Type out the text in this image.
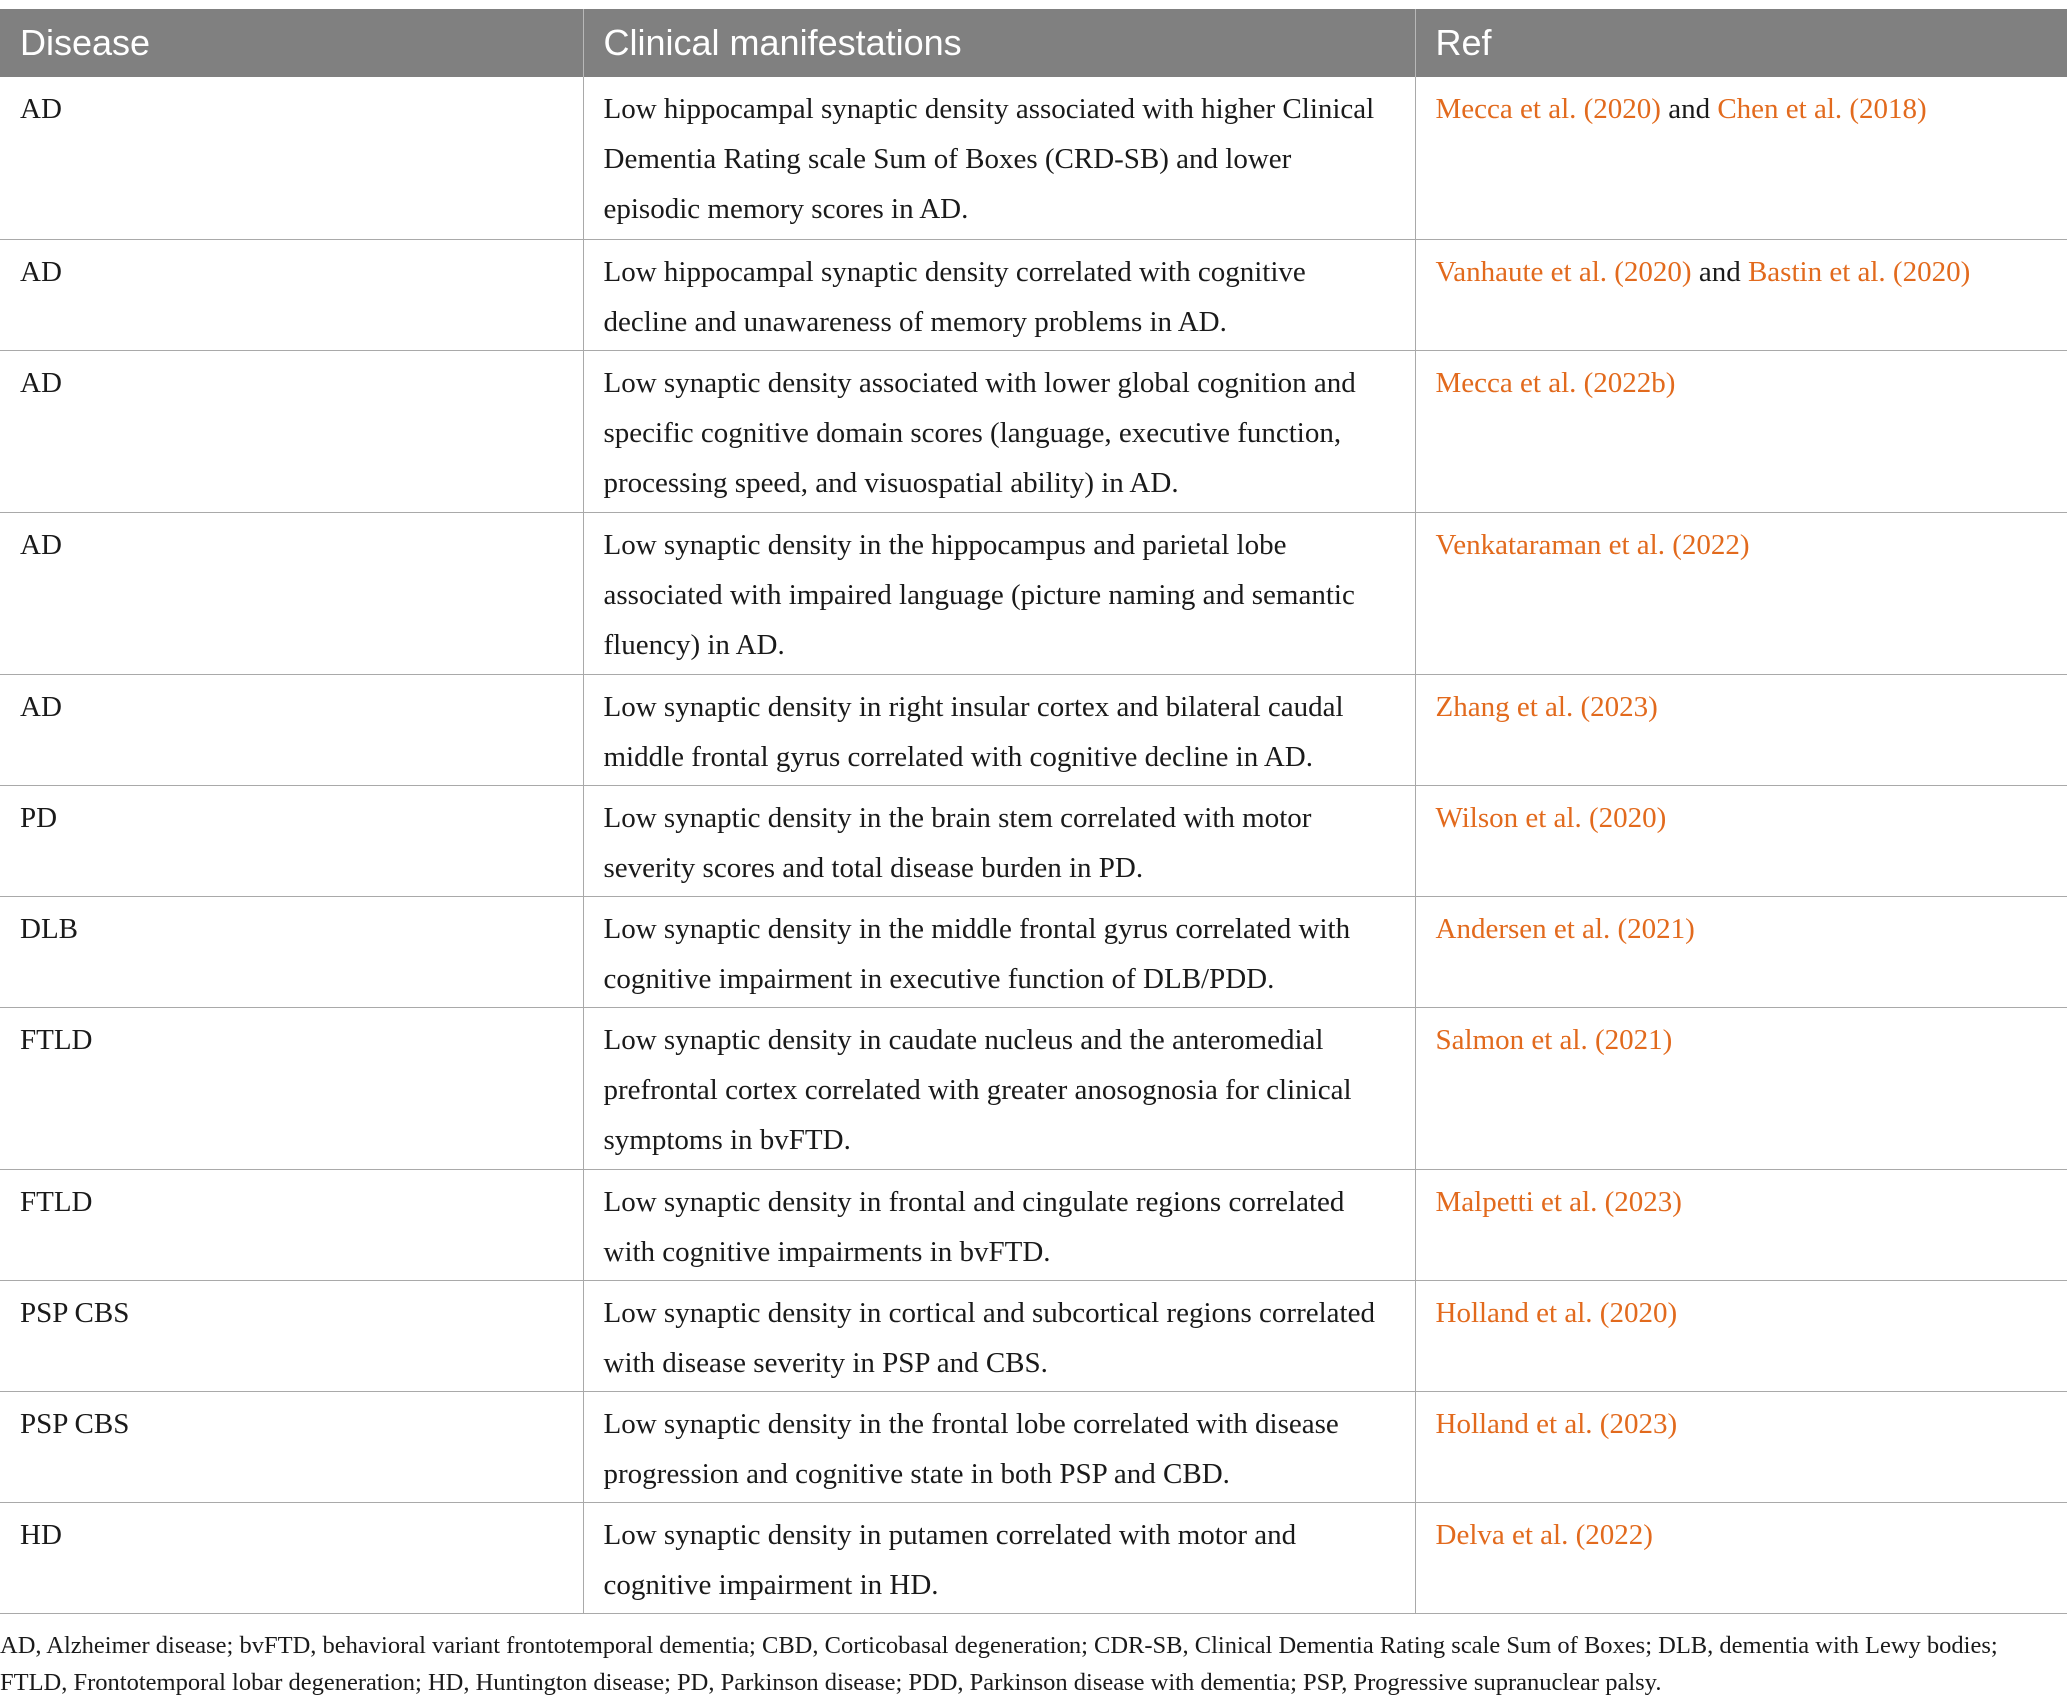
Disease	Clinical manifestations	Ref
AD	Low hippocampal synaptic density associated with higher Clinical Dementia Rating scale Sum of Boxes (CRD-SB) and lower episodic memory scores in AD.	Mecca et al. (2020) and Chen et al. (2018)
AD	Low hippocampal synaptic density correlated with cognitive decline and unawareness of memory problems in AD.	Vanhaute et al. (2020) and Bastin et al. (2020)
AD	Low synaptic density associated with lower global cognition and specific cognitive domain scores (language, executive function, processing speed, and visuospatial ability) in AD.	Mecca et al. (2022b)
AD	Low synaptic density in the hippocampus and parietal lobe associated with impaired language (picture naming and semantic fluency) in AD.	Venkataraman et al. (2022)
AD	Low synaptic density in right insular cortex and bilateral caudal middle frontal gyrus correlated with cognitive decline in AD.	Zhang et al. (2023)
PD	Low synaptic density in the brain stem correlated with motor severity scores and total disease burden in PD.	Wilson et al. (2020)
DLB	Low synaptic density in the middle frontal gyrus correlated with cognitive impairment in executive function of DLB/PDD.	Andersen et al. (2021)
FTLD	Low synaptic density in caudate nucleus and the anteromedial prefrontal cortex correlated with greater anosognosia for clinical symptoms in bvFTD.	Salmon et al. (2021)
FTLD	Low synaptic density in frontal and cingulate regions correlated with cognitive impairments in bvFTD.	Malpetti et al. (2023)
PSP CBS	Low synaptic density in cortical and subcortical regions correlated with disease severity in PSP and CBS.	Holland et al. (2020)
PSP CBS	Low synaptic density in the frontal lobe correlated with disease progression and cognitive state in both PSP and CBD.	Holland et al. (2023)
HD	Low synaptic density in putamen correlated with motor and cognitive impairment in HD.	Delva et al. (2022)
AD, Alzheimer disease; bvFTD, behavioral variant frontotemporal dementia; CBD, Corticobasal degeneration; CDR-SB, Clinical Dementia Rating scale Sum of Boxes; DLB, dementia with Lewy bodies; FTLD, Frontotemporal lobar degeneration; HD, Huntington disease; PD, Parkinson disease; PDD, Parkinson disease with dementia; PSP, Progressive supranuclear palsy.
